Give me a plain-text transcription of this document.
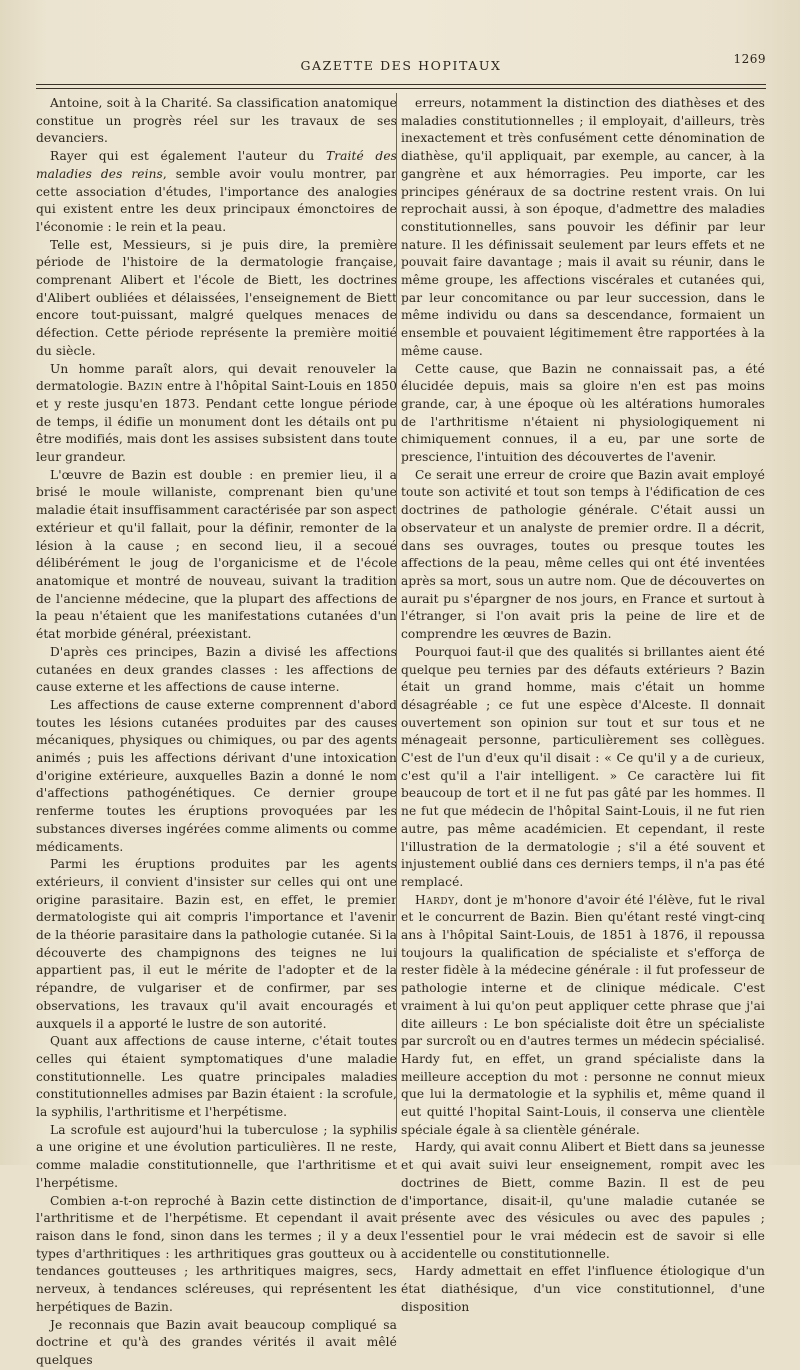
GAZETTE DES HOPITAUX	1269

Antoine, soit à la Charité. Sa classification anatomique constitue un progrès réel sur les travaux de ses devanciers.

Rayer qui est également l'auteur du Traité des maladies des reins, semble avoir voulu montrer, par cette association d'études, l'importance des analogies qui existent entre les deux principaux émonctoires de l'économie : le rein et la peau.

Telle est, Messieurs, si je puis dire, la première période de l'histoire de la dermatologie française, comprenant Alibert et l'école de Biett, les doctrines d'Alibert oubliées et délaissées, l'enseignement de Biett encore tout-puissant, malgré quelques menaces de défection. Cette période représente la première moitié du siècle.

Un homme paraît alors, qui devait renouveler la dermatologie. Bazin entre à l'hôpital Saint-Louis en 1850 et y reste jusqu'en 1873. Pendant cette longue période de temps, il édifie un monument dont les détails ont pu être modifiés, mais dont les assises subsistent dans toute leur grandeur.

L'œuvre de Bazin est double : en premier lieu, il a brisé le moule willaniste, comprenant bien qu'une maladie était insuffisamment caractérisée par son aspect extérieur et qu'il fallait, pour la définir, remonter de la lésion à la cause ; en second lieu, il a secoué délibérément le joug de l'organicisme et de l'école anatomique et montré de nouveau, suivant la tradition de l'ancienne médecine, que la plupart des affections de la peau n'étaient que les manifestations cutanées d'un état morbide général, préexistant.

D'après ces principes, Bazin a divisé les affections cutanées en deux grandes classes : les affections de cause externe et les affections de cause interne.

Les affections de cause externe comprennent d'abord toutes les lésions cutanées produites par des causes mécaniques, physiques ou chimiques, ou par des agents animés ; puis les affections dérivant d'une intoxication d'origine extérieure, auxquelles Bazin a donné le nom d'affections pathogénétiques. Ce dernier groupe renferme toutes les éruptions provoquées par les substances diverses ingérées comme aliments ou comme médicaments.

Parmi les éruptions produites par les agents extérieurs, il convient d'insister sur celles qui ont une origine parasitaire. Bazin est, en effet, le premier dermatologiste qui ait compris l'importance et l'avenir de la théorie parasitaire dans la pathologie cutanée. Si la découverte des champignons des teignes ne lui appartient pas, il eut le mérite de l'adopter et de la répandre, de vulgariser et de confirmer, par ses observations, les travaux qu'il avait encouragés et auxquels il a apporté le lustre de son autorité.

Quant aux affections de cause interne, c'était toutes celles qui étaient symptomatiques d'une maladie constitutionnelle. Les quatre principales maladies constitutionnelles admises par Bazin étaient : la scrofule, la syphilis, l'arthritisme et l'herpétisme.

La scrofule est aujourd'hui la tuberculose ; la syphilis a une origine et une évolution particulières. Il ne reste, comme maladie constitutionnelle, que l'arthritisme et l'herpétisme.

Combien a-t-on reproché à Bazin cette distinction de l'arthritisme et de l'herpétisme. Et cependant il avait raison dans le fond, sinon dans les termes ; il y a deux types d'arthritiques : les arthritiques gras goutteux ou à tendances goutteuses ; les arthritiques maigres, secs, nerveux, à tendances scléreuses, qui représentent les herpétiques de Bazin.

Je reconnais que Bazin avait beaucoup compliqué sa doctrine et qu'à des grandes vérités il avait mêlé quelques

erreurs, notamment la distinction des diathèses et des maladies constitutionnelles ; il employait, d'ailleurs, très inexactement et très confusément cette dénomination de diathèse, qu'il appliquait, par exemple, au cancer, à la gangrène et aux hémorragies. Peu importe, car les principes généraux de sa doctrine restent vrais. On lui reprochait aussi, à son époque, d'admettre des maladies constitutionnelles, sans pouvoir les définir par leur nature. Il les définissait seulement par leurs effets et ne pouvait faire davantage ; mais il avait su réunir, dans le même groupe, les affections viscérales et cutanées qui, par leur concomitance ou par leur succession, dans le même individu ou dans sa descendance, formaient un ensemble et pouvaient légitimement être rapportées à la même cause.

Cette cause, que Bazin ne connaissait pas, a été élucidée depuis, mais sa gloire n'en est pas moins grande, car, à une époque où les altérations humorales de l'arthritisme n'étaient ni physiologiquement ni chimiquement connues, il a eu, par une sorte de prescience, l'intuition des découvertes de l'avenir.

Ce serait une erreur de croire que Bazin avait employé toute son activité et tout son temps à l'édification de ces doctrines de pathologie générale. C'était aussi un observateur et un analyste de premier ordre. Il a décrit, dans ses ouvrages, toutes ou presque toutes les affections de la peau, même celles qui ont été inventées après sa mort, sous un autre nom. Que de découvertes on aurait pu s'épargner de nos jours, en France et surtout à l'étranger, si l'on avait pris la peine de lire et de comprendre les œuvres de Bazin.

Pourquoi faut-il que des qualités si brillantes aient été quelque peu ternies par des défauts extérieurs ? Bazin était un grand homme, mais c'était un homme désagréable ; ce fut une espèce d'Alceste. Il donnait ouvertement son opinion sur tout et sur tous et ne ménageait personne, particulièrement ses collègues. C'est de l'un d'eux qu'il disait : « Ce qu'il y a de curieux, c'est qu'il a l'air intelligent. » Ce caractère lui fit beaucoup de tort et il ne fut pas gâté par les hommes. Il ne fut que médecin de l'hôpital Saint-Louis, il ne fut rien autre, pas même académicien. Et cependant, il reste l'illustration de la dermatologie ; s'il a été souvent et injustement oublié dans ces derniers temps, il n'a pas été remplacé.

Hardy, dont je m'honore d'avoir été l'élève, fut le rival et le concurrent de Bazin. Bien qu'étant resté vingt-cinq ans à l'hôpital Saint-Louis, de 1851 à 1876, il repoussa toujours la qualification de spécialiste et s'efforça de rester fidèle à la médecine générale : il fut professeur de pathologie interne et de clinique médicale. C'est vraiment à lui qu'on peut appliquer cette phrase que j'ai dite ailleurs : Le bon spécialiste doit être un spécialiste par surcroît ou en d'autres termes un médecin spécialisé. Hardy fut, en effet, un grand spécialiste dans la meilleure acception du mot : personne ne connut mieux que lui la dermatologie et la syphilis et, même quand il eut quitté l'hopital Saint-Louis, il conserva une clientèle spéciale égale à sa clientèle générale.

Hardy, qui avait connu Alibert et Biett dans sa jeunesse et qui avait suivi leur enseignement, rompit avec les doctrines de Biett, comme Bazin. Il est de peu d'importance, disait-il, qu'une maladie cutanée se présente avec des vésicules ou avec des papules ; l'essentiel pour le vrai médecin est de savoir si elle accidentelle ou constitutionnelle.

Hardy admettait en effet l'influence étiologique d'un état diathésique, d'un vice constitutionnel, d'une disposition
